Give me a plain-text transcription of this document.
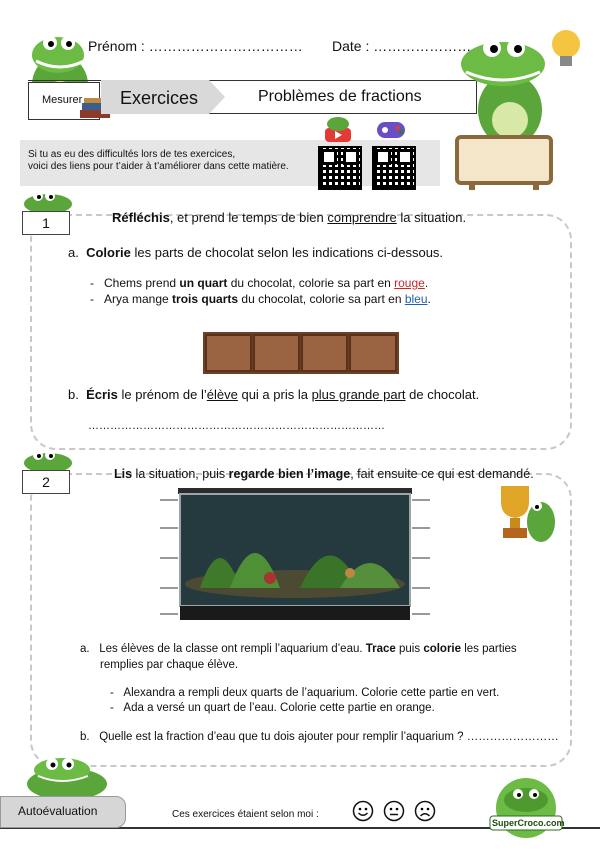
Prénom : …………………………… Date : …………………
Mesurer Exercices	Problèmes de fractions
Si tu as eu des difficultés lors de tes exercices,
voici des liens pour t’aider à t’améliorer dans cette matière.
1	Réfléchis, et prend le temps de bien comprendre la situation.
a. Colorie les parts de chocolat selon les indications ci-dessous.
-   Chems prend un quart du chocolat, colorie sa part en rouge.
-   Arya mange trois quarts du chocolat, colorie sa part en bleu.
b. Écris le prénom de l’élève qui a pris la plus grande part de chocolat.
………………………………………………………………………
2	Lis la situation, puis regarde bien l’image, fait ensuite ce qui est demandé.
a. Les élèves de la classe ont rempli l’aquarium d’eau. Trace puis colorie les parties
remplies par chaque élève.
-   Alexandra a rempli deux quarts de l’aquarium. Colorie cette partie en vert.
-   Ada a versé un quart de l’eau. Colorie cette partie en orange.
b. Quelle est la fraction d’eau que tu dois ajouter pour remplir l’aquarium ? ……………………
Autoévaluation	Ces exercices étaient selon moi :
SuperCroco.com
